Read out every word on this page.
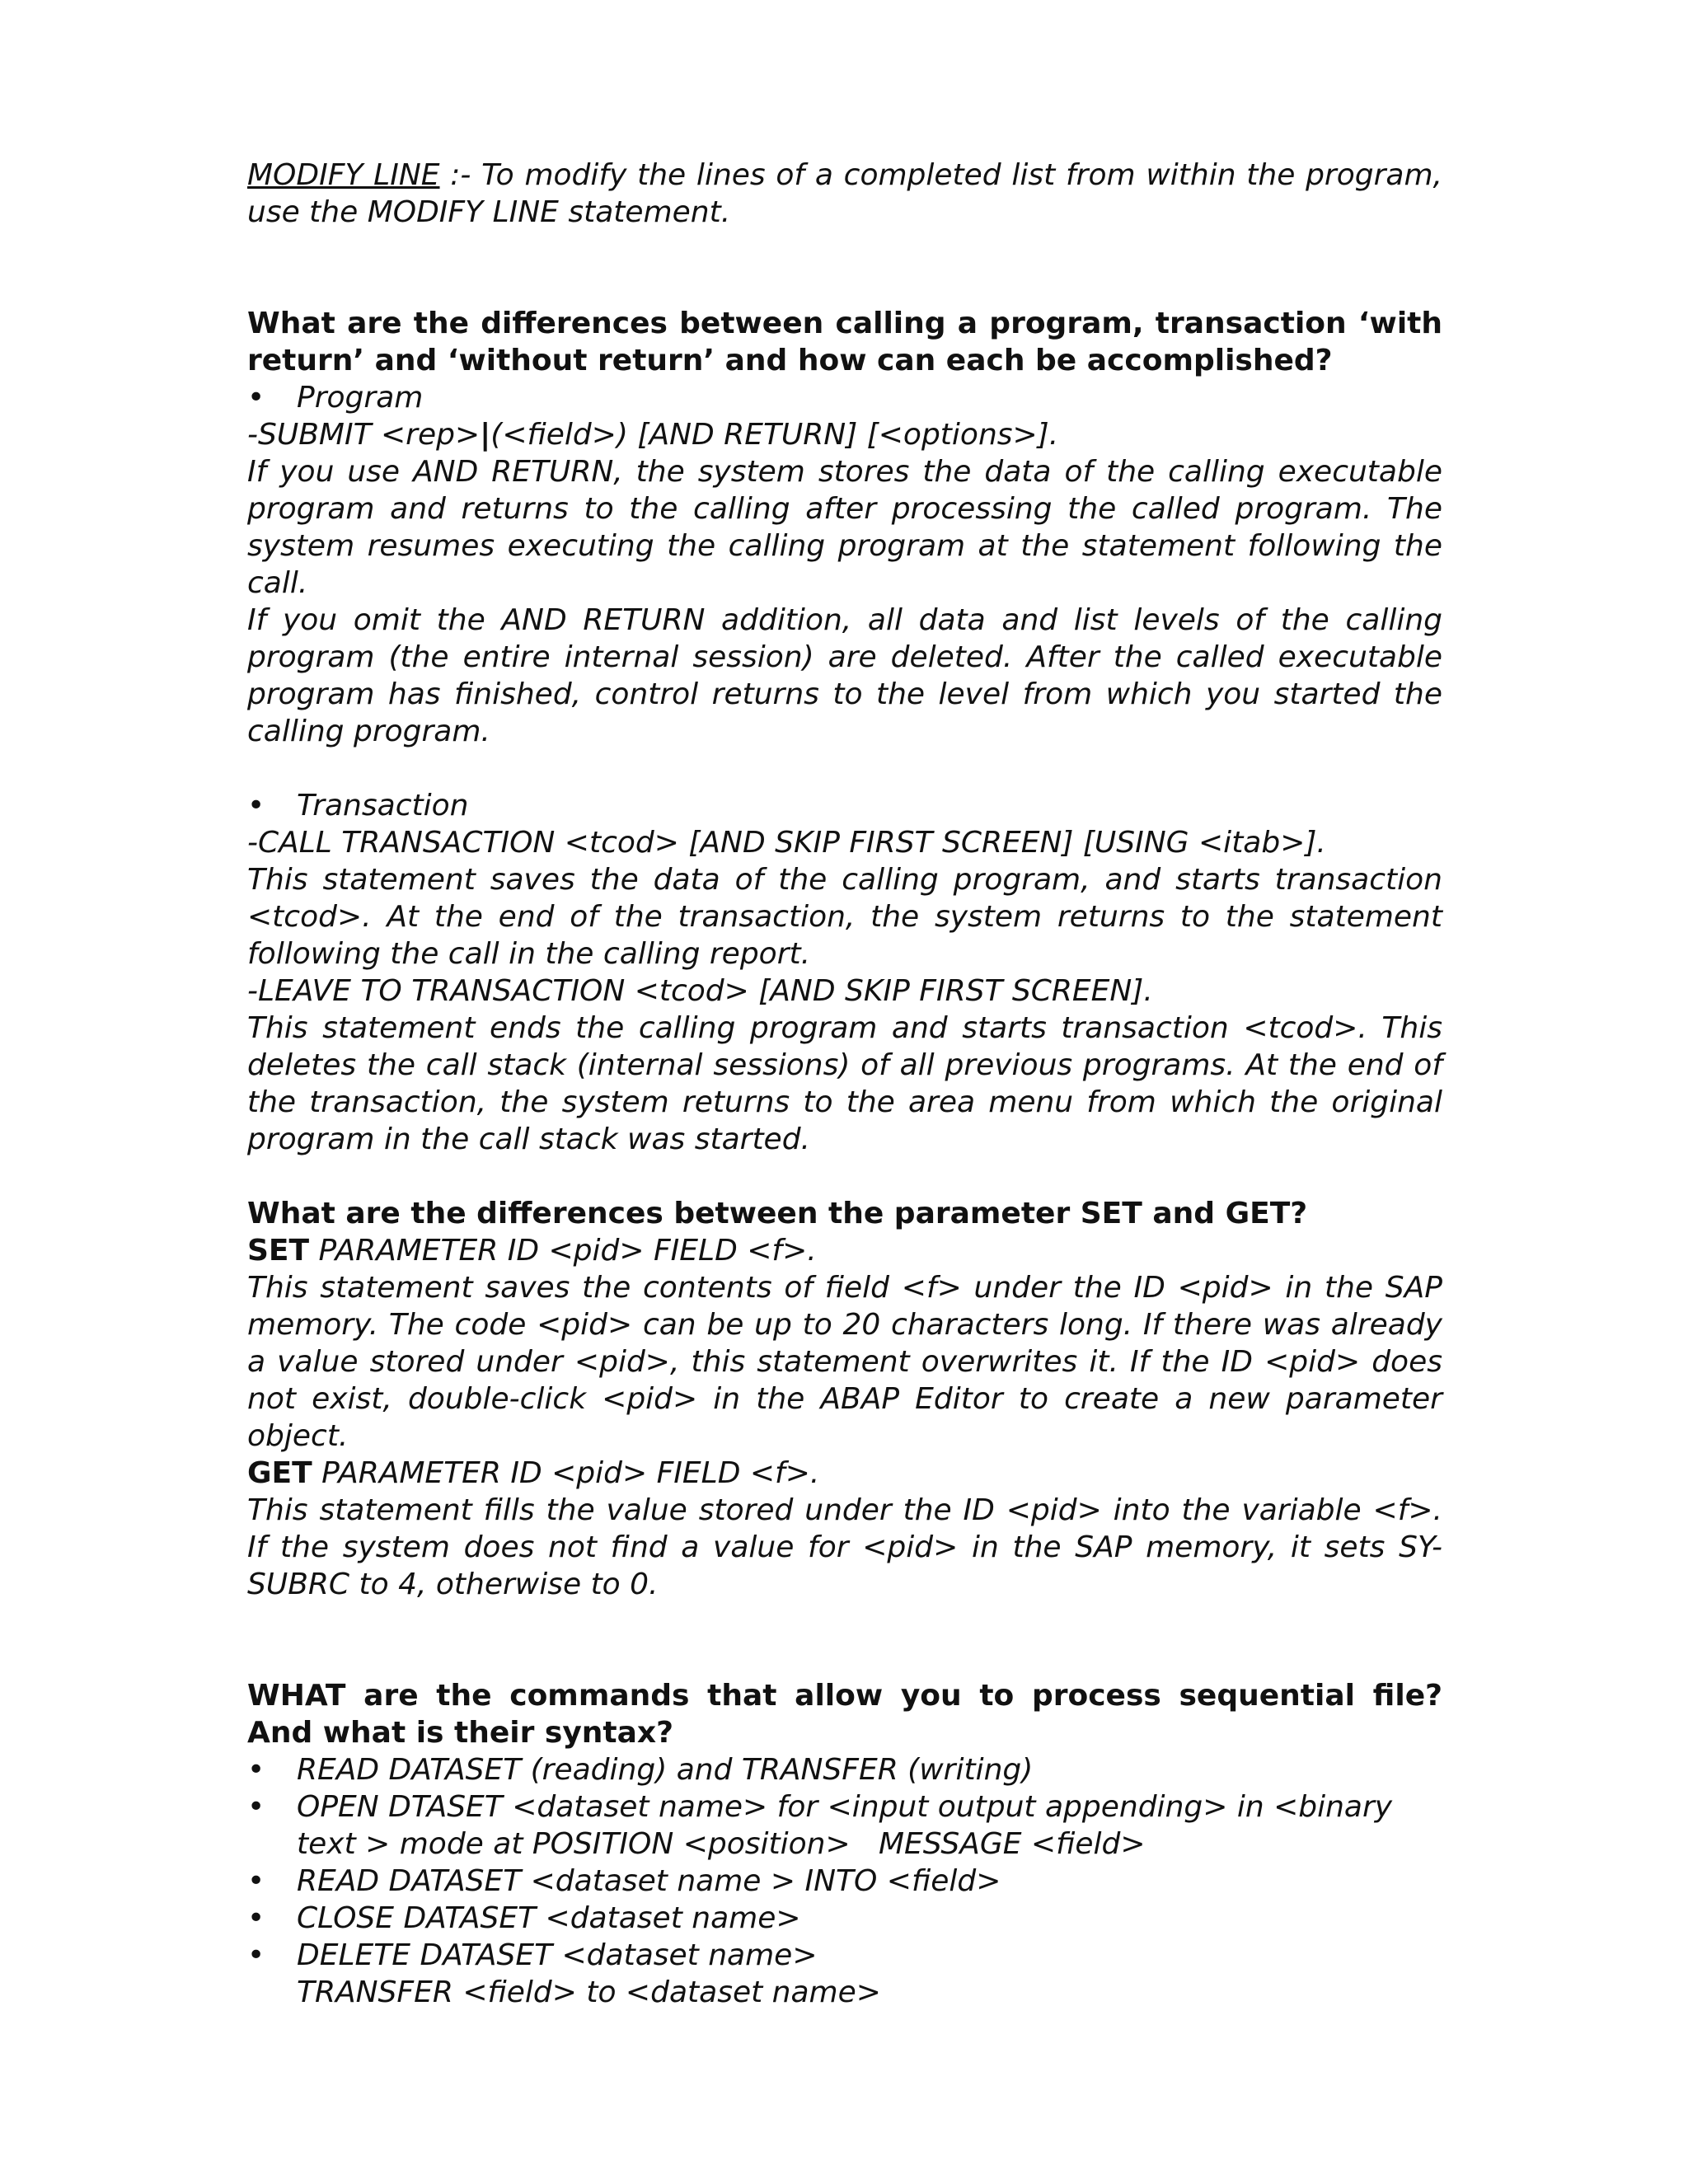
MODIFY LINE :- To modify the lines of a completed list from within the program, use the MODIFY LINE statement.

What are the differences between calling a program, transaction ‘with return’ and ‘without return’ and how can each be accomplished?

• Program

-SUBMIT <rep>|(<field>) [AND RETURN] [<options>].

If you use AND RETURN, the system stores the data of the calling executable program and returns to the calling after processing the called program. The system resumes executing the calling program at the statement following the call.

If you omit the AND RETURN addition, all data and list levels of the calling program (the entire internal session) are deleted. After the called executable program has finished, control returns to the level from which you started the calling program.

• Transaction

-CALL TRANSACTION <tcod> [AND SKIP FIRST SCREEN] [USING <itab>].

This statement saves the data of the calling program, and starts transaction <tcod>. At the end of the transaction, the system returns to the statement following the call in the calling report.

-LEAVE TO TRANSACTION <tcod> [AND SKIP FIRST SCREEN].

This statement ends the calling program and starts transaction <tcod>. This deletes the call stack (internal sessions) of all previous programs. At the end of the transaction, the system returns to the area menu from which the original program in the call stack was started.

What are the differences between the parameter SET and GET?

SET PARAMETER ID <pid> FIELD <f>.

This statement saves the contents of field <f> under the ID <pid> in the SAP memory. The code <pid> can be up to 20 characters long. If there was already a value stored under <pid>, this statement overwrites it. If the ID <pid> does not exist, double-click <pid> in the ABAP Editor to create a new parameter object.

GET PARAMETER ID <pid> FIELD <f>.

This statement fills the value stored under the ID <pid> into the variable <f>. If the system does not find a value for <pid> in the SAP memory, it sets SY-SUBRC to 4, otherwise to 0.

WHAT are the commands that allow you to process sequential file? And what is their syntax?

• READ DATASET (reading) and TRANSFER (writing)
• OPEN DTASET <dataset name> for <input output appending> in <binary text > mode at POSITION <position>   MESSAGE <field>
• READ DATASET <dataset name > INTO <field>
• CLOSE DATASET <dataset name>
• DELETE DATASET <dataset name>
TRANSFER <field> to <dataset name>
